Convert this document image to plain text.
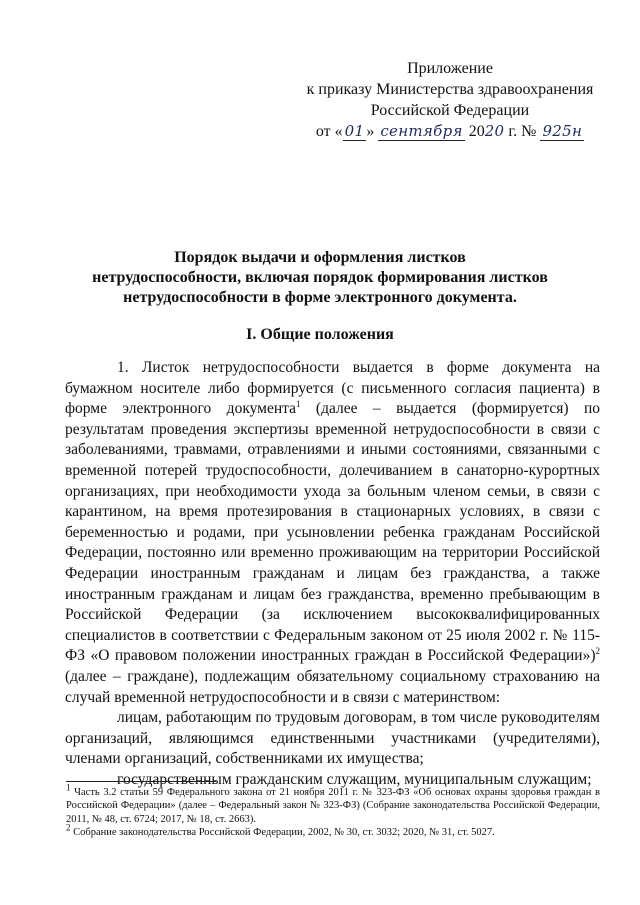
Приложение
к приказу Министерства здравоохранения
Российской Федерации
от « 01 » сентября 2020 г. № 925н
Порядок выдачи и оформления листков
нетрудоспособности, включая порядок формирования листков
нетрудоспособности в форме электронного документа.
I. Общие положения

1. Листок нетрудоспособности выдается в форме документа на бумажном носителе либо формируется (с письменного согласия пациента) в форме электронного документа$^1$ (далее – выдается (формируется) по результатам проведения экспертизы временной нетрудоспособности в связи с заболеваниями, травмами, отравлениями и иными состояниями, связанными с временной потерей трудоспособности, долечиванием в санаторно-курортных организациях, при необходимости ухода за больным членом семьи, в связи с карантином, на время протезирования в стационарных условиях, в связи с беременностью и родами, при усыновлении ребенка гражданам Российской Федерации, постоянно или временно проживающим на территории Российской Федерации иностранным гражданам и лицам без гражданства, а также иностранным гражданам и лицам без гражданства, временно пребывающим в Российской Федерации (за исключением высококвалифицированных специалистов в соответствии с Федеральным законом от 25 июля 2002 г. № 115-ФЗ «О правовом положении иностранных граждан в Российской Федерации»)$^2$ (далее – граждане), подлежащим обязательному социальному страхованию на случай временной нетрудоспособности и в связи с материнством:

лицам, работающим по трудовым договорам, в том числе руководителям организаций, являющимся единственными участниками (учредителями), членами организаций, собственниками их имущества;

государственным гражданским служащим, муниципальным служащим;

$^1$ Часть 3.2 статьи 59 Федерального закона от 21 ноября 2011 г. № 323-ФЗ «Об основах охраны здоровья граждан в Российской Федерации» (далее – Федеральный закон № 323-ФЗ) (Собрание законодательства Российской Федерации, 2011, № 48, ст. 6724; 2017, № 18, ст. 2663).

$^2$ Собрание законодательства Российской Федерации, 2002, № 30, ст. 3032; 2020, № 31, ст. 5027.
